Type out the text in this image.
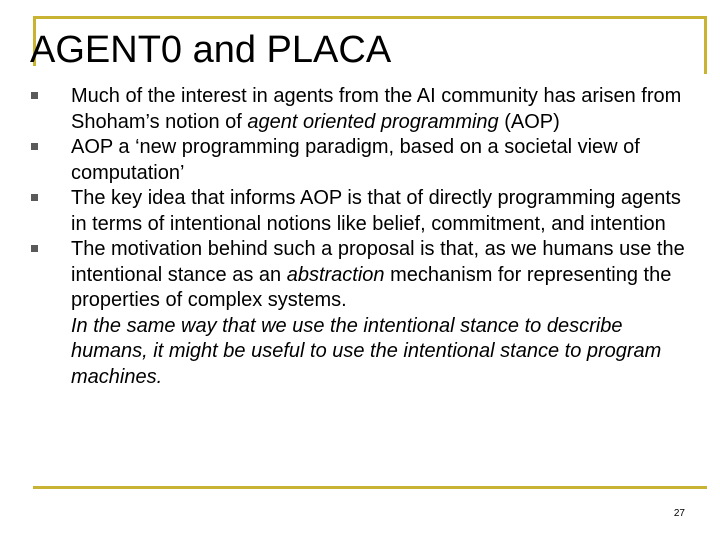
AGENT0 and PLACA
Much of the interest in agents from the AI community has arisen from Shoham’s notion of agent oriented programming (AOP)
AOP a ‘new programming paradigm, based on a societal view of computation’
The key idea that informs AOP is that of directly programming agents in terms of intentional notions like belief, commitment, and intention
The motivation behind such a proposal is that, as we humans use the intentional stance as an abstraction mechanism for representing the properties of complex systems.
In the same way that we use the intentional stance to describe humans, it might be useful to use the intentional stance to program machines.
27
